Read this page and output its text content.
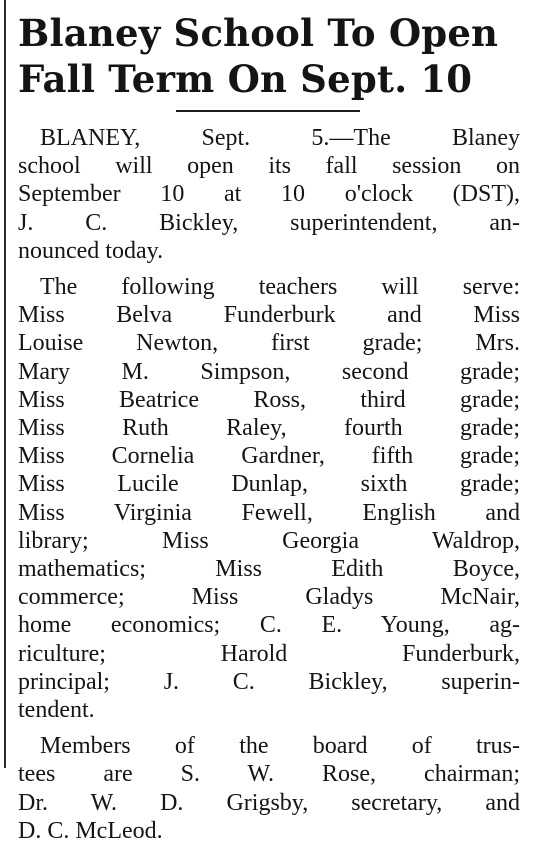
Blaney School To Open
Fall Term On Sept. 10
BLANEY, Sept. 5.—The Blaney
school will open its fall session on
September 10 at 10 o'clock (DST),
J. C. Bickley, superintendent, an-
nounced today.
The following teachers will serve:
Miss Belva Funderburk and Miss
Louise Newton, first grade; Mrs.
Mary M. Simpson, second grade;
Miss Beatrice Ross, third grade;
Miss Ruth Raley, fourth grade;
Miss Cornelia Gardner, fifth grade;
Miss Lucile Dunlap, sixth grade;
Miss Virginia Fewell, English and
library; Miss Georgia Waldrop,
mathematics; Miss Edith Boyce,
commerce; Miss Gladys McNair,
home economics; C. E. Young, ag-
riculture; Harold Funderburk,
principal; J. C. Bickley, superin-
tendent.
Members of the board of trus-
tees are S. W. Rose, chairman;
Dr. W. D. Grigsby, secretary, and
D. C. McLeod.
